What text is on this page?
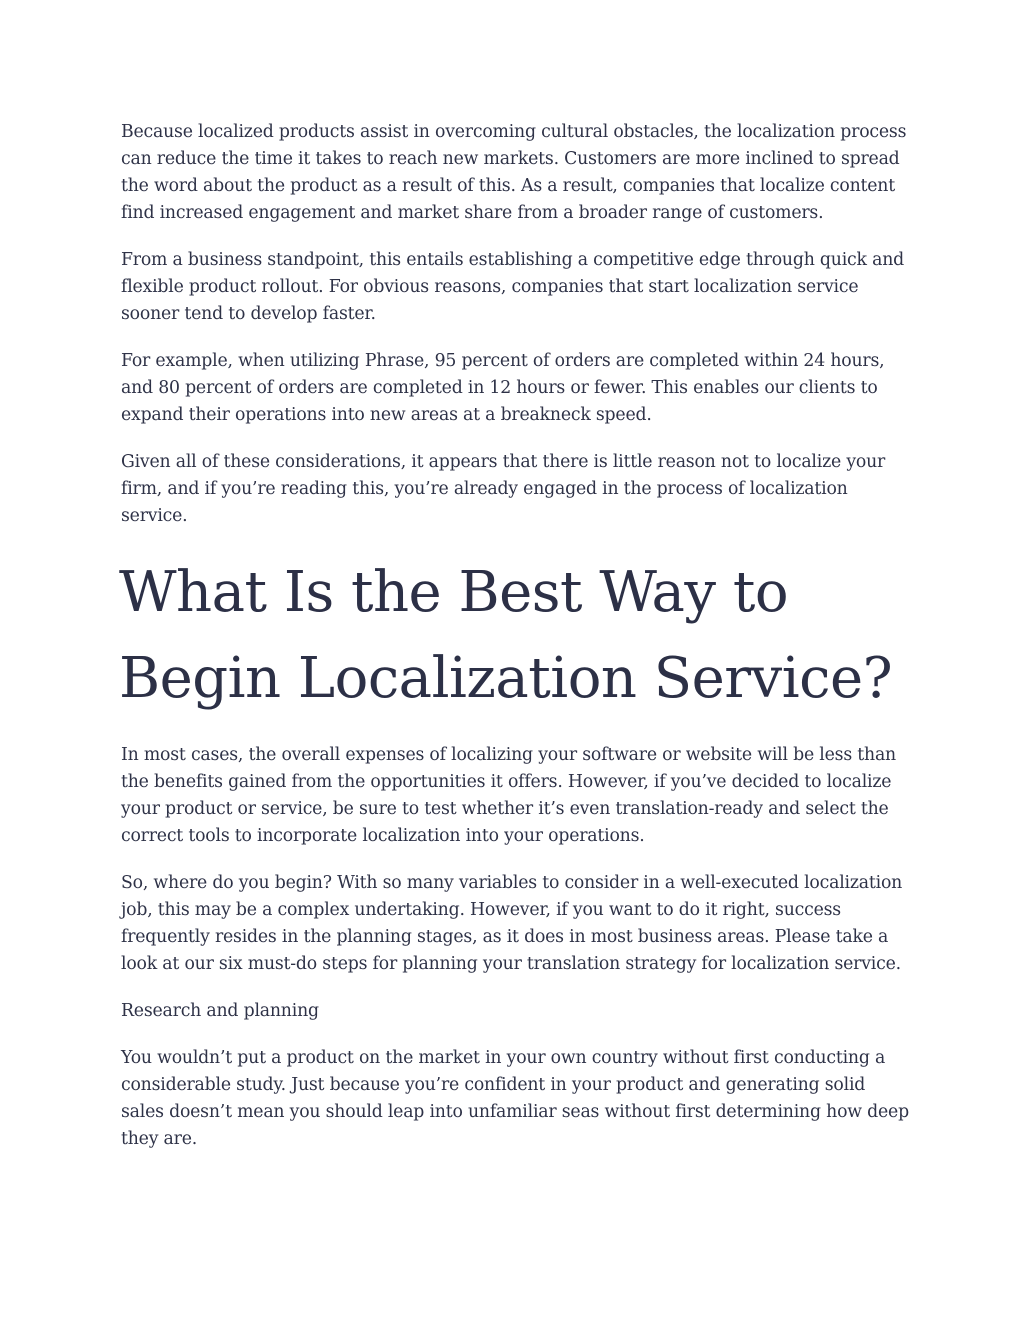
Because localized products assist in overcoming cultural obstacles, the localization process can reduce the time it takes to reach new markets. Customers are more inclined to spread the word about the product as a result of this. As a result, companies that localize content find increased engagement and market share from a broader range of customers.

From a business standpoint, this entails establishing a competitive edge through quick and flexible product rollout. For obvious reasons, companies that start localization service sooner tend to develop faster.

For example, when utilizing Phrase, 95 percent of orders are completed within 24 hours, and 80 percent of orders are completed in 12 hours or fewer. This enables our clients to expand their operations into new areas at a breakneck speed.

Given all of these considerations, it appears that there is little reason not to localize your firm, and if you’re reading this, you’re already engaged in the process of localization service.

What Is the Best Way to Begin Localization Service?

In most cases, the overall expenses of localizing your software or website will be less than the benefits gained from the opportunities it offers. However, if you’ve decided to localize your product or service, be sure to test whether it’s even translation-ready and select the correct tools to incorporate localization into your operations.

So, where do you begin? With so many variables to consider in a well-executed localization job, this may be a complex undertaking. However, if you want to do it right, success frequently resides in the planning stages, as it does in most business areas. Please take a look at our six must-do steps for planning your translation strategy for localization service.

Research and planning

You wouldn’t put a product on the market in your own country without first conducting a considerable study. Just because you’re confident in your product and generating solid sales doesn’t mean you should leap into unfamiliar seas without first determining how deep they are.
